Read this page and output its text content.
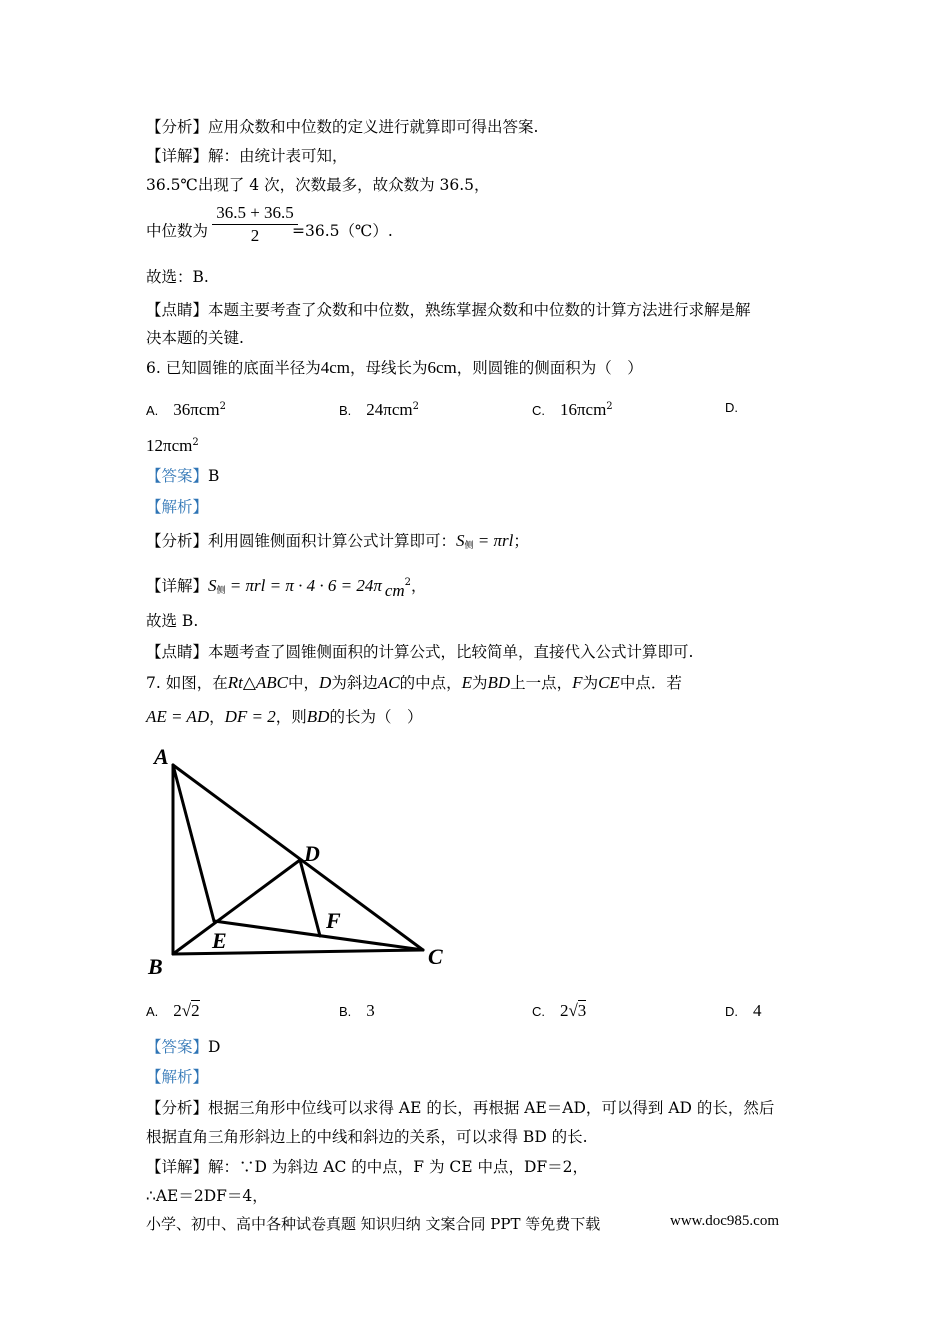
【分析】应用众数和中位数的定义进行就算即可得出答案.
【详解】解：由统计表可知，
36.5℃出现了 4 次，次数最多，故众数为 36.5，
中位数为	=36.5（℃）.
36.5 + 36.5
2
故选：B.
【点睛】本题主要考查了众数和中位数，熟练掌握众数和中位数的计算方法进行求解是解
决本题的关键.
6. 已知圆锥的底面半径为4cm，母线长为6cm，则圆锥的侧面积为（　）
A. 36πcm$^2$	B. 24πcm$^2$	C. 16πcm$^2$	D.
12πcm$^2$
【答案】B
【解析】
【分析】利用圆锥侧面积计算公式计算即可：$S_侧 = \pi rl$；
【详解】$S_侧 = \pi rl = \pi \cdot 4 \cdot 6 = 24\pi$ $cm^2$，
故选 B.
【点睛】本题考查了圆锥侧面积的计算公式，比较简单，直接代入公式计算即可.
7. 如图，在Rt△ABC中，D为斜边AC的中点，E为BD上一点，F为CE中点．若
AE = AD，DF = 2，则BD的长为（　）
A
B	C
D
E
F
A. 2√2	B. 3	C. 2√3	D. 4
【答案】D
【解析】
【分析】根据三角形中位线可以求得 AE 的长，再根据 AE＝AD，可以得到 AD 的长，然后
根据直角三角形斜边上的中线和斜边的关系，可以求得 BD 的长.
【详解】解：∵D 为斜边 AC 的中点，F 为 CE 中点，DF＝2，
∴AE＝2DF＝4，
小学、初中、高中各种试卷真题 知识归纳 文案合同 PPT 等免费下载	www.doc985.com
